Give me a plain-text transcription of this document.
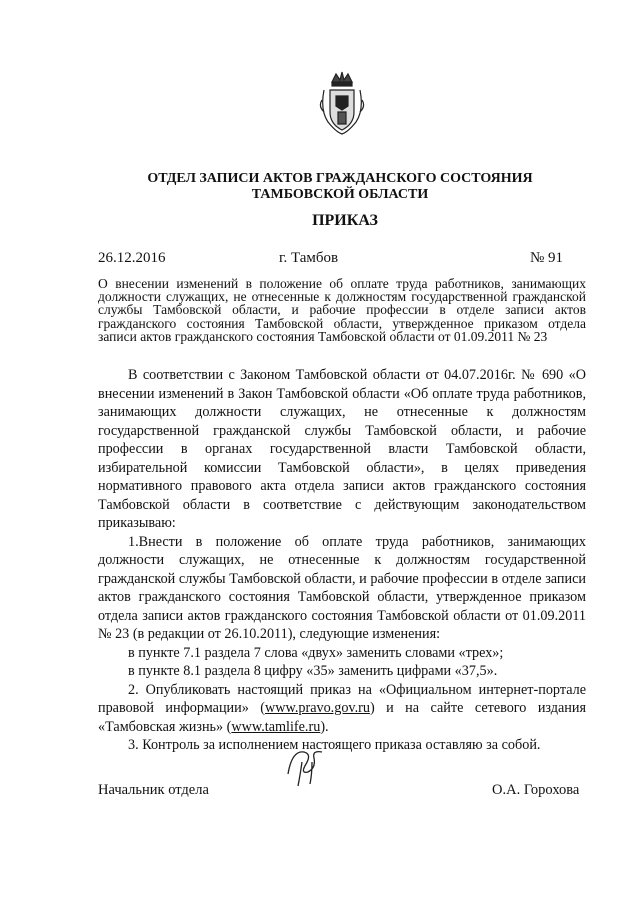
ОТДЕЛ ЗАПИСИ АКТОВ ГРАЖДАНСКОГО СОСТОЯНИЯ
ТАМБОВСКОЙ ОБЛАСТИ
ПРИКАЗ
26.12.2016	г. Тамбов	№ 91
О внесении изменений в положение об оплате труда работников, занимающих должности служащих, не отнесенные к должностям государственной гражданской службы Тамбовской области, и рабочие профессии в отделе записи актов гражданского состояния Тамбовской области, утвержденное приказом отдела записи актов гражданского состояния Тамбовской области от 01.09.2011 № 23

В соответствии с Законом Тамбовской области от 04.07.2016г. № 690 «О внесении изменений в Закон Тамбовской области «Об оплате труда работников, занимающих должности служащих, не отнесенные к должностям государственной гражданской службы Тамбовской области, и рабочие профессии в органах государственной власти Тамбовской области, избирательной комиссии Тамбовской области», в целях приведения нормативного правового акта отдела записи актов гражданского состояния Тамбовской области в соответствие с действующим законодательством приказываю:

1.Внести в положение об оплате труда работников, занимающих должности служащих, не отнесенные к должностям государственной гражданской службы Тамбовской области, и рабочие профессии в отделе записи актов гражданского состояния Тамбовской области, утвержденное приказом отдела записи актов гражданского состояния Тамбовской области от 01.09.2011 № 23 (в редакции от 26.10.2011), следующие изменения:

в пункте 7.1 раздела 7 слова «двух» заменить словами «трех»;

в пункте 8.1 раздела 8 цифру «35» заменить цифрами «37,5».

2. Опубликовать настоящий приказ на «Официальном интернет-портале правовой информации» (www.pravo.gov.ru) и на сайте сетевого издания «Тамбовская жизнь» (www.tamlife.ru).

3. Контроль за исполнением настоящего приказа оставляю за собой.

Начальник отдела	О.А. Горохова
